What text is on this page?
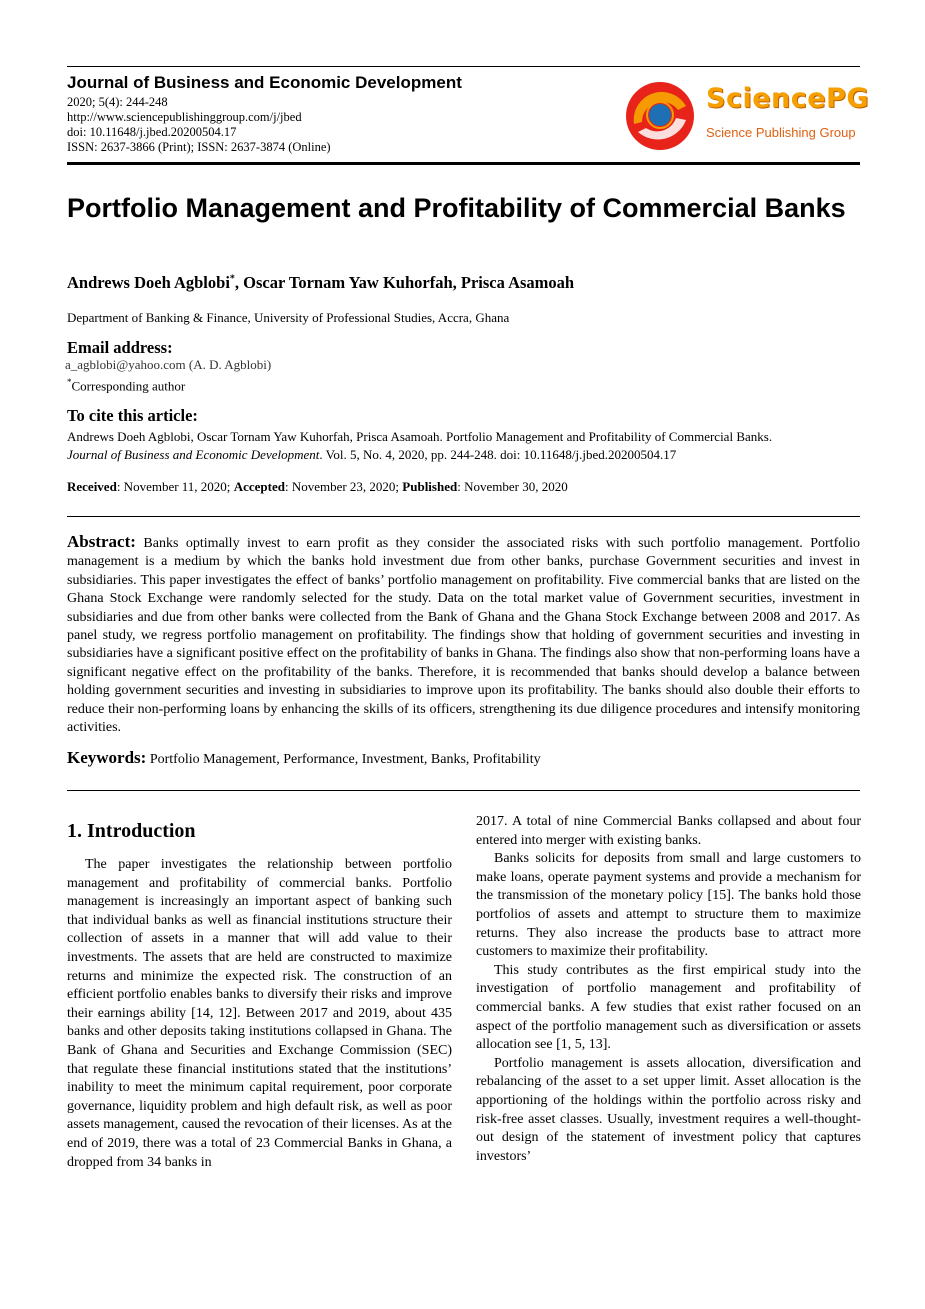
Journal of Business and Economic Development
2020; 5(4): 244-248
http://www.sciencepublishinggroup.com/j/jbed
doi: 10.11648/j.jbed.20200504.17
ISSN: 2637-3866 (Print); ISSN: 2637-3874 (Online)
SciencePG
Science Publishing Group
Portfolio Management and Profitability of Commercial Banks
Andrews Doeh Agblobi*, Oscar Tornam Yaw Kuhorfah, Prisca Asamoah
Department of Banking & Finance, University of Professional Studies, Accra, Ghana
Email address:
a_agblobi@yahoo.com (A. D. Agblobi)
*Corresponding author
To cite this article:
Andrews Doeh Agblobi, Oscar Tornam Yaw Kuhorfah, Prisca Asamoah. Portfolio Management and Profitability of Commercial Banks.
Journal of Business and Economic Development. Vol. 5, No. 4, 2020, pp. 244-248. doi: 10.11648/j.jbed.20200504.17
Received: November 11, 2020; Accepted: November 23, 2020; Published: November 30, 2020
Abstract: Banks optimally invest to earn profit as they consider the associated risks with such portfolio management. Portfolio management is a medium by which the banks hold investment due from other banks, purchase Government securities and invest in subsidiaries. This paper investigates the effect of banks’ portfolio management on profitability. Five commercial banks that are listed on the Ghana Stock Exchange were randomly selected for the study. Data on the total market value of Government securities, investment in subsidiaries and due from other banks were collected from the Bank of Ghana and the Ghana Stock Exchange between 2008 and 2017. As panel study, we regress portfolio management on profitability. The findings show that holding of government securities and investing in subsidiaries have a significant positive effect on the profitability of banks in Ghana. The findings also show that non-performing loans have a significant negative effect on the profitability of the banks. Therefore, it is recommended that banks should develop a balance between holding government securities and investing in subsidiaries to improve upon its profitability. The banks should also double their efforts to reduce their non-performing loans by enhancing the skills of its officers, strengthening its due diligence procedures and intensify monitoring activities.
Keywords: Portfolio Management, Performance, Investment, Banks, Profitability
1. Introduction

The paper investigates the relationship between portfolio management and profitability of commercial banks. Portfolio management is increasingly an important aspect of banking such that individual banks as well as financial institutions structure their collection of assets in a manner that will add value to their investments. The assets that are held are constructed to maximize returns and minimize the expected risk. The construction of an efficient portfolio enables banks to diversify their risks and improve their earnings ability [14, 12]. Between 2017 and 2019, about 435 banks and other deposits taking institutions collapsed in Ghana. The Bank of Ghana and Securities and Exchange Commission (SEC) that regulate these financial institutions stated that the institutions’ inability to meet the minimum capital requirement, poor corporate governance, liquidity problem and high default risk, as well as poor assets management, caused the revocation of their licenses. As at the end of 2019, there was a total of 23 Commercial Banks in Ghana, a dropped from 34 banks in

2017. A total of nine Commercial Banks collapsed and about four entered into merger with existing banks.

Banks solicits for deposits from small and large customers to make loans, operate payment systems and provide a mechanism for the transmission of the monetary policy [15]. The banks hold those portfolios of assets and attempt to structure them to maximize returns. They also increase the products base to attract more customers to maximize their profitability.

This study contributes as the first empirical study into the investigation of portfolio management and profitability of commercial banks. A few studies that exist rather focused on an aspect of the portfolio management such as diversification or assets allocation see [1, 5, 13].

Portfolio management is assets allocation, diversification and rebalancing of the asset to a set upper limit. Asset allocation is the apportioning of the holdings within the portfolio across risky and risk-free asset classes. Usually, investment requires a well-thought-out design of the statement of investment policy that captures investors’
